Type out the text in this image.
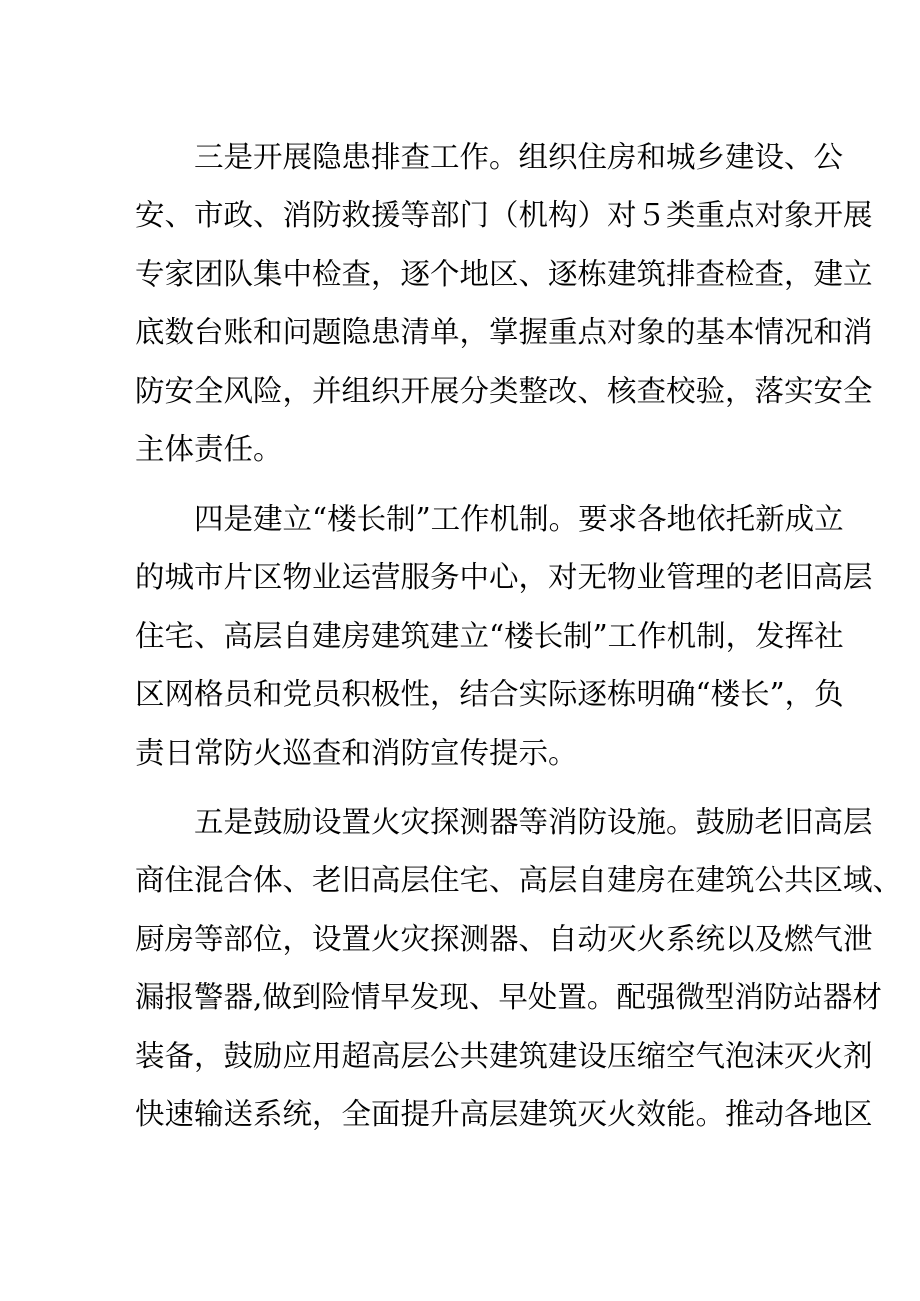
三是开展隐患排查工作。组织住房和城乡建设、公
安、市政、消防救援等部门（机构）对５类重点对象开展
专家团队集中检查，逐个地区、逐栋建筑排查检查，建立
底数台账和问题隐患清单，掌握重点对象的基本情况和消
防安全风险，并组织开展分类整改、核查校验，落实安全
主体责任。
四是建立“楼长制”工作机制。要求各地依托新成立
的城市片区物业运营服务中心，对无物业管理的老旧高层
住宅、高层自建房建筑建立“楼长制”工作机制，发挥社
区网格员和党员积极性，结合实际逐栋明确“楼长”，负
责日常防火巡查和消防宣传提示。
五是鼓励设置火灾探测器等消防设施。鼓励老旧高层
商住混合体、老旧高层住宅、高层自建房在建筑公共区域、
厨房等部位，设置火灾探测器、自动灭火系统以及燃气泄
漏报警器,做到险情早发现、早处置。配强微型消防站器材
装备，鼓励应用超高层公共建筑建设压缩空气泡沫灭火剂
快速输送系统，全面提升高层建筑灭火效能。推动各地区
